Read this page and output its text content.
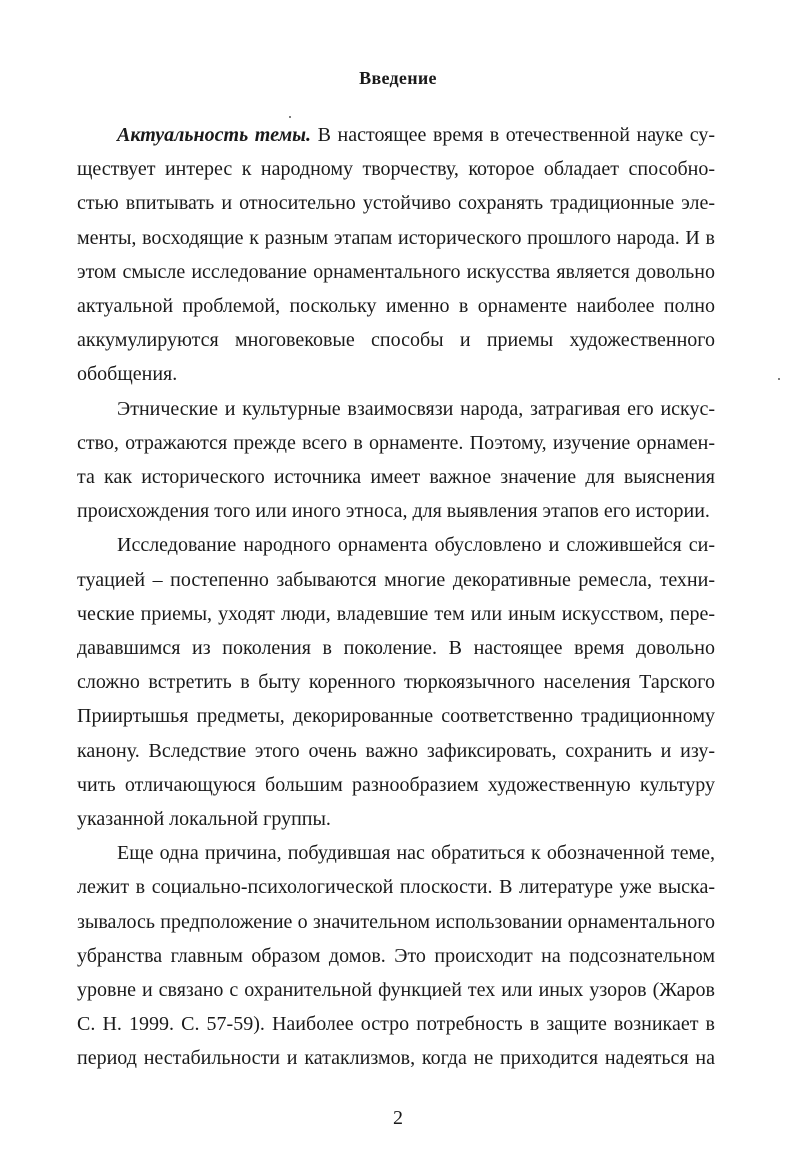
Введение
Актуальность темы. В настоящее время в отечественной науке су-
ществует интерес к народному творчеству, которое обладает способно-
стью впитывать и относительно устойчиво сохранять традиционные эле-
менты, восходящие к разным этапам исторического прошлого народа. И в
этом смысле исследование орнаментального искусства является довольно
актуальной проблемой, поскольку именно в орнаменте наиболее полно
аккумулируются многовековые способы и приемы художественного
обобщения.
Этнические и культурные взаимосвязи народа, затрагивая его искус-
ство, отражаются прежде всего в орнаменте. Поэтому, изучение орнамен-
та как исторического источника имеет важное значение для выяснения
происхождения того или иного этноса, для выявления этапов его истории.
Исследование народного орнамента обусловлено и сложившейся си-
туацией – постепенно забываются многие декоративные ремесла, техни-
ческие приемы, уходят люди, владевшие тем или иным искусством, пере-
дававшимся из поколения в поколение. В настоящее время довольно
сложно встретить в быту коренного тюркоязычного населения Тарского
Прииртышья предметы, декорированные соответственно традиционному
канону. Вследствие этого очень важно зафиксировать, сохранить и изу-
чить отличающуюся большим разнообразием художественную культуру
указанной локальной группы.
Еще одна причина, побудившая нас обратиться к обозначенной теме,
лежит в социально-психологической плоскости. В литературе уже выска-
зывалось предположение о значительном использовании орнаментального
убранства главным образом домов. Это происходит на подсознательном
уровне и связано с охранительной функцией тех или иных узоров (Жаров
С. Н. 1999. С. 57-59). Наиболее остро потребность в защите возникает в
период нестабильности и катаклизмов, когда не приходится надеяться на
2
